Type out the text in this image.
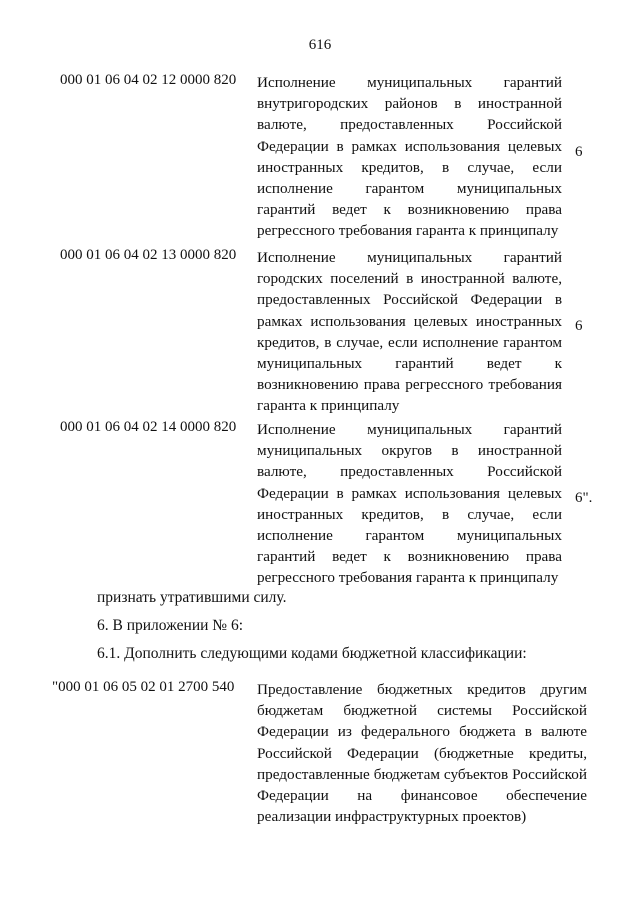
616
000 01 06 04 02 12 0000 820 Исполнение муниципальных гарантий внутригородских районов в иностранной валюте, предоставленных Российской Федерации в рамках использования целевых иностранных кредитов, в случае, если исполнение гарантом муниципальных гарантий ведет к возникновению права регрессного требования гаранта к принципалу
6
000 01 06 04 02 13 0000 820 Исполнение муниципальных гарантий городских поселений в иностранной валюте, предоставленных Российской Федерации в рамках использования целевых иностранных кредитов, в случае, если исполнение гарантом муниципальных гарантий ведет к возникновению права регрессного требования гаранта к принципалу
6
000 01 06 04 02 14 0000 820 Исполнение муниципальных гарантий муниципальных округов в иностранной валюте, предоставленных Российской Федерации в рамках использования целевых иностранных кредитов, в случае, если исполнение гарантом муниципальных гарантий ведет к возникновению права регрессного требования гаранта к принципалу
6".
признать утратившими силу.
6. В приложении № 6:
6.1. Дополнить следующими кодами бюджетной классификации:
"000 01 06 05 02 01 2700 540 Предоставление бюджетных кредитов другим бюджетам бюджетной системы Российской Федерации из федерального бюджета в валюте Российской Федерации (бюджетные кредиты, предоставленные бюджетам субъектов Российской Федерации на финансовое обеспечение реализации инфраструктурных проектов)
